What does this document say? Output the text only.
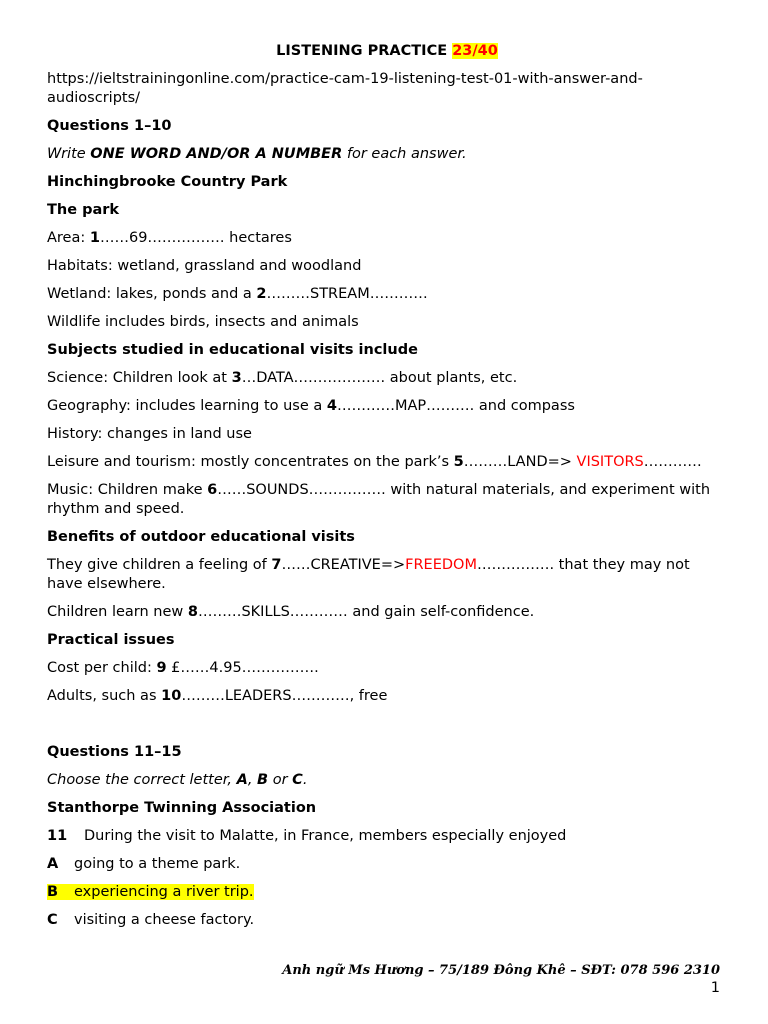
LISTENING PRACTICE 23/40

https://ieltstrainingonline.com/practice-cam-19-listening-test-01-with-answer-and-audioscripts/

Questions 1–10

Write ONE WORD AND/OR A NUMBER for each answer.

Hinchingbrooke Country Park

The park

Area: 1……69……………. hectares

Habitats: wetland, grassland and woodland

Wetland: lakes, ponds and a 2………STREAM…………

Wildlife includes birds, insects and animals

Subjects studied in educational visits include

Science: Children look at 3…DATA………………. about plants, etc.

Geography: includes learning to use a 4…………MAP………. and compass

History: changes in land use

Leisure and tourism: mostly concentrates on the park’s 5………LAND=> VISITORS…………

Music: Children make 6……SOUNDS……………. with natural materials, and experiment with rhythm and speed.

Benefits of outdoor educational visits

They give children a feeling of 7……CREATIVE=>FREEDOM……………. that they may not have elsewhere.

Children learn new 8………SKILLS………… and gain self-confidence.

Practical issues

Cost per child: 9 £……4.95…………….

Adults, such as 10………LEADERS…………, free

Questions 11–15

Choose the correct letter, A, B or C.

Stanthorpe Twinning Association

11 During the visit to Malatte, in France, members especially enjoyed

A going to a theme park.

B experiencing a river trip.

C visiting a cheese factory.

Anh ngữ Ms Hương – 75/189 Đông Khê – SĐT: 078 596 2310
1
